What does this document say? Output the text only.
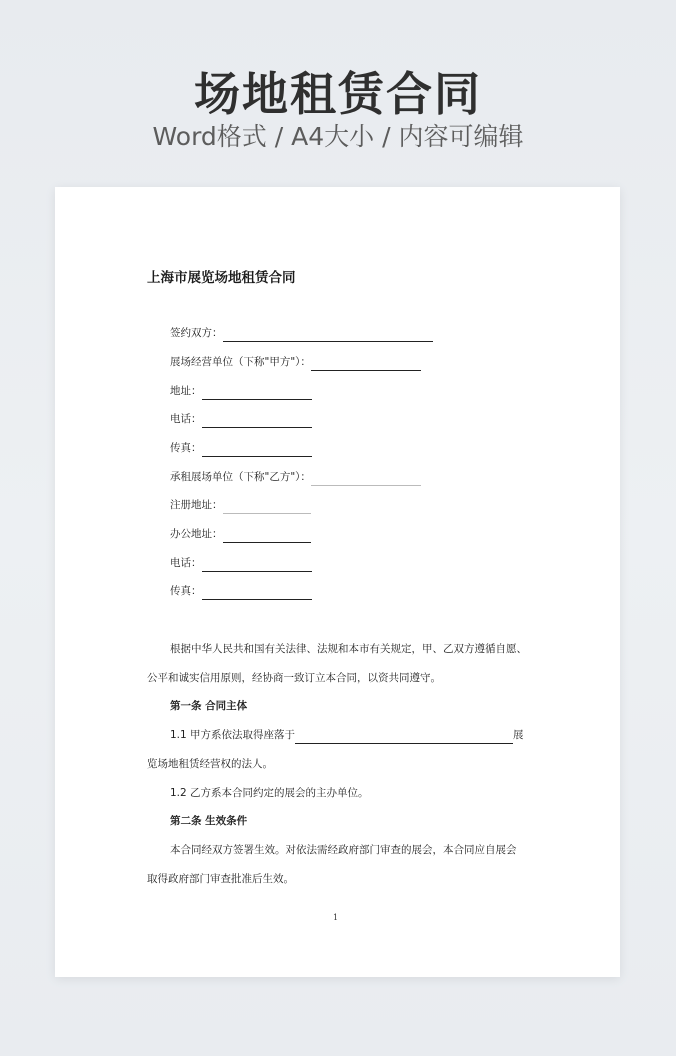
场地租赁合同
Word格式 / A4大小 / 内容可编辑
上海市展览场地租赁合同
签约双方：
展场经营单位（下称"甲方"）：
地址：
电话：
传真：
承租展场单位（下称"乙方"）：
注册地址：
办公地址：
电话：
传真：
根据中华人民共和国有关法律、法规和本市有关规定，甲、乙双方遵循自愿、
公平和诚实信用原则，经协商一致订立本合同，以资共同遵守。
第一条 合同主体
1.1 甲方系依法取得座落于	展
览场地租赁经营权的法人。
1.2 乙方系本合同约定的展会的主办单位。
第二条 生效条件
本合同经双方签署生效。对依法需经政府部门审查的展会，本合同应自展会
取得政府部门审查批准后生效。
1
